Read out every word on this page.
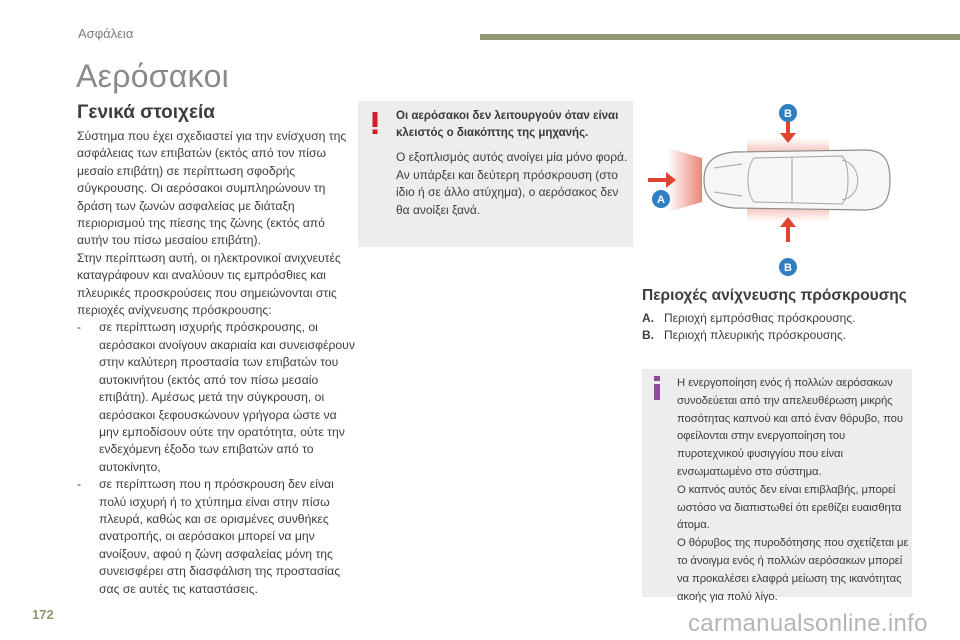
Ασφάλεια
Αερόσακοι
Γενικά στοιχεία

Σύστημα που έχει σχεδιαστεί για την ενίσχυση της ασφάλειας των επιβατών (εκτός από τον πίσω μεσαίο επιβάτη) σε περίπτωση σφοδρής σύγκρουσης. Οι αερόσακοι συμπληρώνουν τη δράση των ζωνών ασφαλείας με διάταξη περιορισμού της πίεσης της ζώνης (εκτός από αυτήν του πίσω μεσαίου επιβάτη).

Στην περίπτωση αυτή, οι ηλεκτρονικοί ανιχνευτές καταγράφουν και αναλύουν τις εμπρόσθιες και πλευρικές προσκρούσεις που σημειώνονται στις περιοχές ανίχνευσης πρόσκρουσης:

- σε περίπτωση ισχυρής πρόσκρουσης, οι αερόσακοι ανοίγουν ακαριαία και συνεισφέρουν στην καλύτερη προστασία των επιβατών του αυτοκινήτου (εκτός από τον πίσω μεσαίο επιβάτη). Αμέσως μετά την σύγκρουση, οι αερόσακοι ξεφουσκώνουν γρήγορα ώστε να μην εμποδίσουν ούτε την ορατότητα, ούτε την ενδεχόμενη έξοδο των επιβατών από το αυτοκίνητο,

- σε περίπτωση που η πρόσκρουση δεν είναι πολύ ισχυρή ή το χτύπημα είναι στην πίσω πλευρά, καθώς και σε ορισμένες συνθήκες ανατροπής, οι αερόσακοι μπορεί να μην ανοίξουν, αφού η ζώνη ασφαλείας μόνη της συνεισφέρει στη διασφάλιση της προστασίας σας σε αυτές τις καταστάσεις.

Οι αερόσακοι δεν λειτουργούν όταν είναι κλειστός ο διακόπτης της μηχανής.
Ο εξοπλισμός αυτός ανοίγει μία μόνο φορά. Αν υπάρξει και δεύτερη πρόσκρουση (στο ίδιο ή σε άλλο ατύχημα), ο αερόσακος δεν θα ανοίξει ξανά.
A
B
B
Περιοχές ανίχνευσης πρόσκρουσης
A. Περιοχή εμπρόσθιας πρόσκρουσης.
B. Περιοχή πλευρικής πρόσκρουσης.

Η ενεργοποίηση ενός ή πολλών αερόσακων συνοδεύεται από την απελευθέρωση μικρής ποσότητας καπνού και από έναν θόρυβο, που οφείλονται στην ενεργοποίηση του πυροτεχνικού φυσιγγίου που είναι ενσωματωμένο στο σύστημα.

Ο καπνός αυτός δεν είναι επιβλαβής, μπορεί ωστόσο να διαπιστωθεί ότι ερεθίζει ευαισθητα άτομα.

Ο θόρυβος της πυροδότησης που σχετίζεται με το άνοιγμα ενός ή πολλών αερόσακων μπορεί να προκαλέσει ελαφρά μείωση της ικανότητας ακοής για πολύ λίγο.

172	carmanualsonline.info
